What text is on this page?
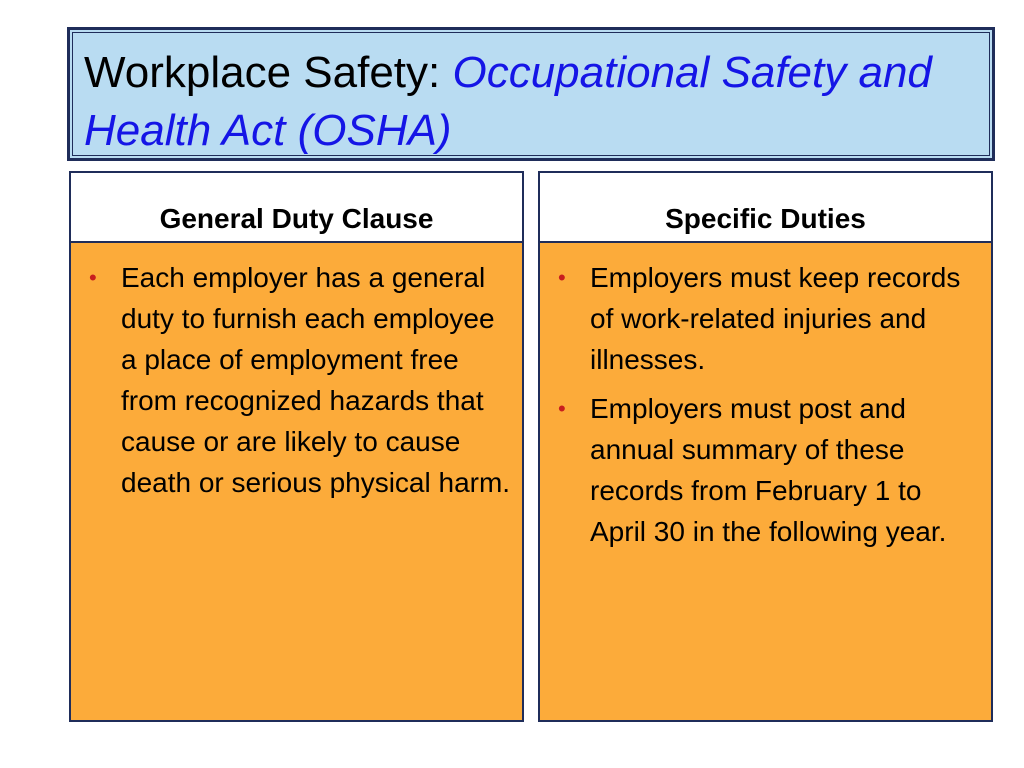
Workplace Safety: Occupational Safety and Health Act (OSHA)
General Duty Clause
• Each employer has a general duty to furnish each employee a place of employment free from recognized hazards that cause or are likely to cause death or serious physical harm.
Specific Duties
• Employers must keep records of work-related injuries and illnesses.
• Employers must post and annual summary of these records from February 1 to April 30 in the following year.
